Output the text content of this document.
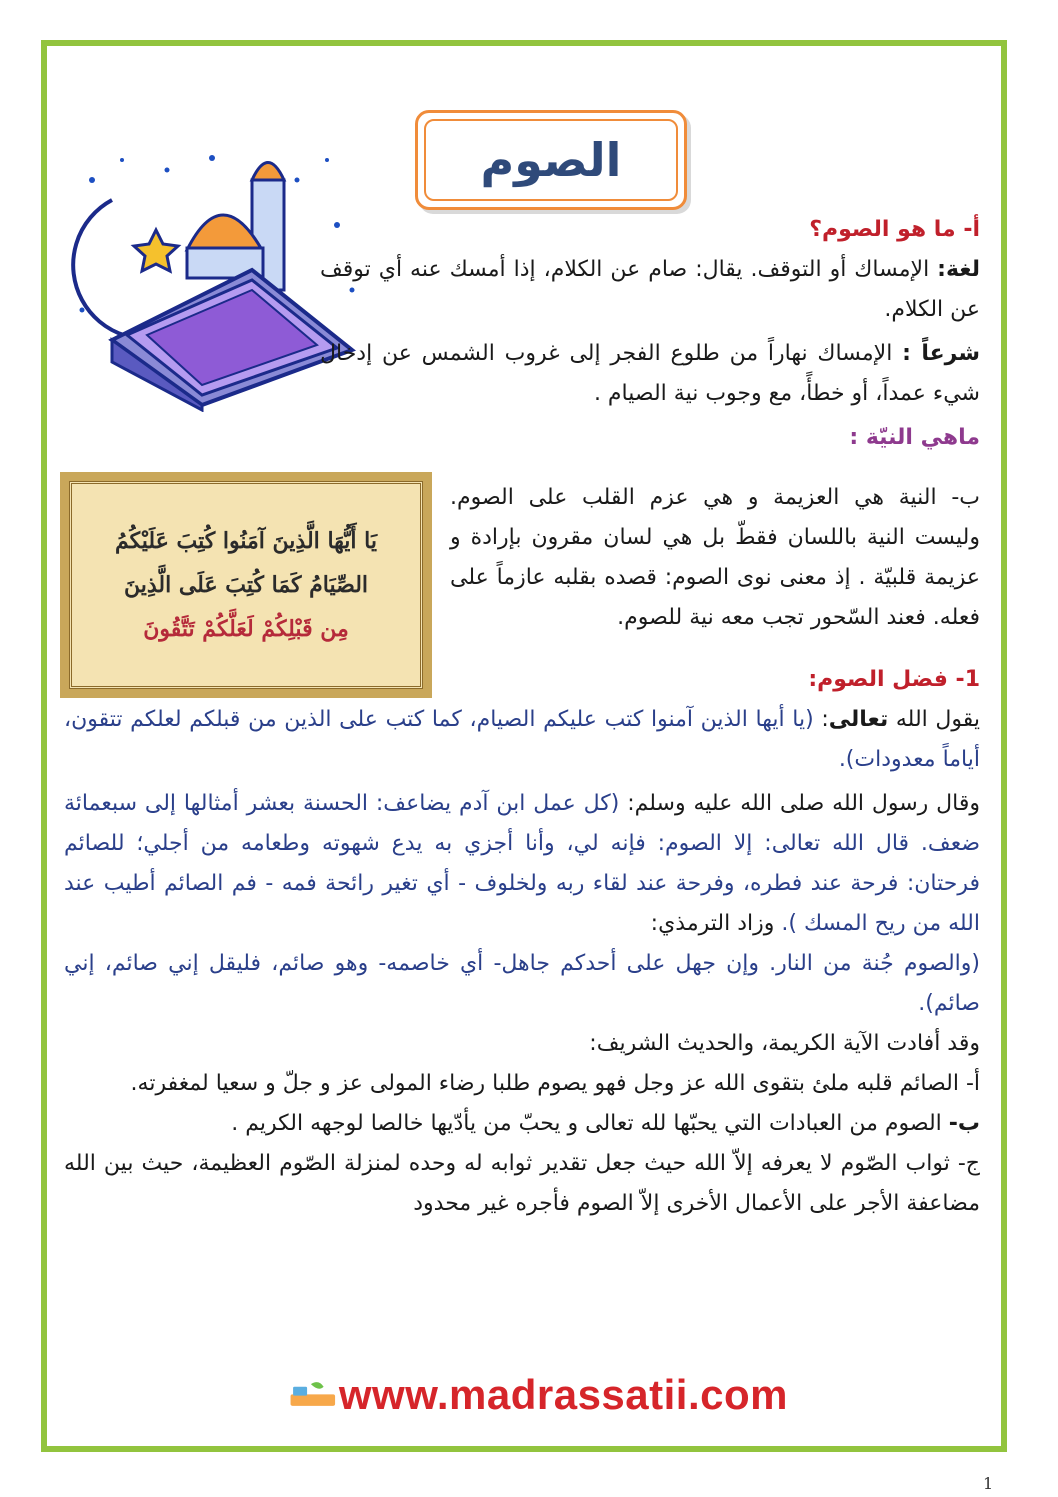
الصوم

أ- ما هو الصوم؟

لغة: الإمساك أو التوقف. يقال: صام عن الكلام، إذا أمسك عنه أي توقف عن الكلام.

شرعاً : الإمساك نهاراً من طلوع الفجر إلى غروب الشمس عن إدخال شيء عمداً، أو خطأً، مع وجوب نية الصيام .

ماهي النيّة :

يَا أَيُّهَا الَّذِينَ آمَنُوا كُتِبَ عَلَيْكُمُ
الصِّيَامُ كَمَا كُتِبَ عَلَى الَّذِينَ
مِن قَبْلِكُمْ لَعَلَّكُمْ تَتَّقُونَ

ب- النية هي العزيمة و هي عزم القلب على الصوم. وليست النية باللسان فقطّ بل هي لسان مقرون بإرادة و عزيمة قلبيّة . إذ معنى نوى الصوم: قصده بقلبه عازماً على فعله. فعند السّحور تجب معه نية للصوم.

1- فضل الصوم:

يقول الله تعالى: (يا أيها الذين آمنوا كتب عليكم الصيام، كما كتب على الذين من قبلكم لعلكم تتقون، أياماً معدودات).

وقال رسول الله صلى الله عليه وسلم: (كل عمل ابن آدم يضاعف: الحسنة بعشر أمثالها إلى سبعمائة ضعف. قال الله تعالى: إلا الصوم: فإنه لي، وأنا أجزي به يدع شهوته وطعامه من أجلي؛ للصائم فرحتان: فرحة عند فطره، وفرحة عند لقاء ربه ولخلوف - أي تغير رائحة فمه - فم الصائم أطيب عند الله من ريح المسك ). وزاد الترمذي:

(والصوم جُنة من النار. وإن جهل على أحدكم جاهل- أي خاصمه- وهو صائم، فليقل إني صائم، إني صائم).

وقد أفادت الآية الكريمة، والحديث الشريف:

أ- الصائم قلبه ملئ بتقوى الله عز وجل فهو يصوم طلبا رضاء المولى عز و جلّ و سعيا لمغفرته.

ب- الصوم من العبادات التي يحبّها لله تعالى و يحبّ من يأدّيها خالصا لوجهه الكريم .

ج- ثواب الصّوم لا يعرفه إلاّ الله حيث جعل تقدير ثوابه له وحده لمنزلة الصّوم العظيمة، حيث بين الله مضاعفة الأجر على الأعمال الأخرى إلاّ الصوم فأجره غير محدود

www.madrassatii.com
1
